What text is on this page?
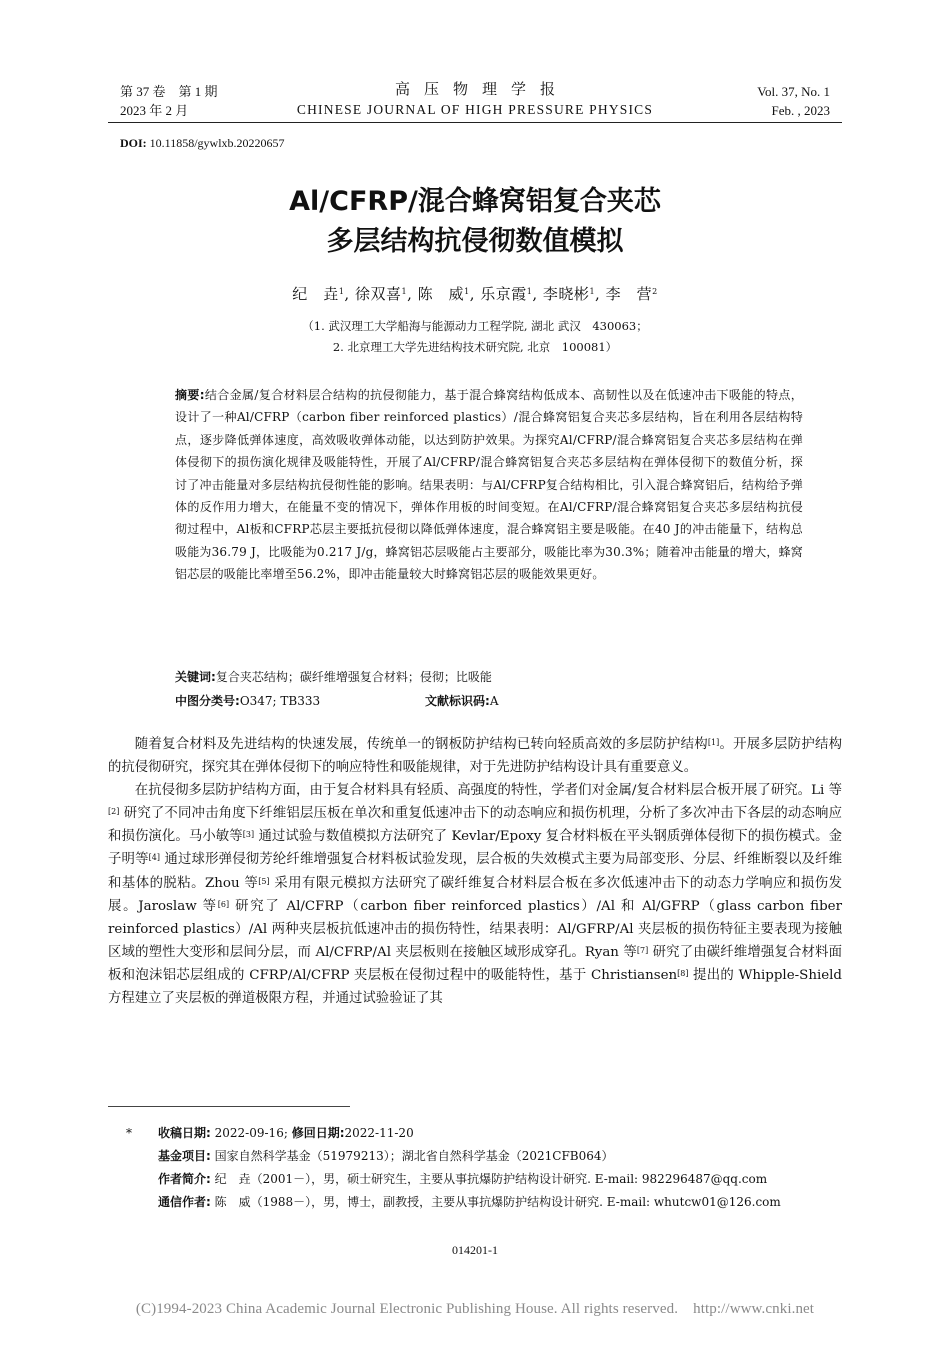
第 37 卷　第 1 期
2023 年 2 月
高压物理学报
CHINESE JOURNAL OF HIGH PRESSURE PHYSICS
Vol. 37, No. 1
Feb. , 2023
DOI: 10.11858/gywlxb.20220657
Al/CFRP/混合蜂窝铝复合夹芯
多层结构抗侵彻数值模拟
纪　垚$^1$, 徐双喜$^1$, 陈　威$^1$, 乐京霞$^1$, 李晓彬$^1$, 李　营$^2$
（1. 武汉理工大学船海与能源动力工程学院, 湖北 武汉　430063；
2. 北京理工大学先进结构技术研究院, 北京　100081）
摘要:结合金属/复合材料层合结构的抗侵彻能力，基于混合蜂窝结构低成本、高韧性以及在低速冲击下吸能的特点，设计了一种Al/CFRP（carbon fiber reinforced plastics）/混合蜂窝铝复合夹芯多层结构，旨在利用各层结构特点，逐步降低弹体速度，高效吸收弹体动能，以达到防护效果。为探究Al/CFRP/混合蜂窝铝复合夹芯多层结构在弹体侵彻下的损伤演化规律及吸能特性，开展了Al/CFRP/混合蜂窝铝复合夹芯多层结构在弹体侵彻下的数值分析，探讨了冲击能量对多层结构抗侵彻性能的影响。结果表明：与Al/CFRP复合结构相比，引入混合蜂窝铝后，结构给予弹体的反作用力增大，在能量不变的情况下，弹体作用板的时间变短。在Al/CFRP/混合蜂窝铝复合夹芯多层结构抗侵彻过程中，Al板和CFRP芯层主要抵抗侵彻以降低弹体速度，混合蜂窝铝主要是吸能。在40 J的冲击能量下，结构总吸能为36.79 J，比吸能为0.217 J/g，蜂窝铝芯层吸能占主要部分，吸能比率为30.3%；随着冲击能量的增大，蜂窝铝芯层的吸能比率增至56.2%，即冲击能量较大时蜂窝铝芯层的吸能效果更好。
关键词:复合夹芯结构；碳纤维增强复合材料；侵彻；比吸能
中图分类号:O347; TB333	文献标识码:A

随着复合材料及先进结构的快速发展，传统单一的钢板防护结构已转向轻质高效的多层防护结构[1]。开展多层防护结构的抗侵彻研究，探究其在弹体侵彻下的响应特性和吸能规律，对于先进防护结构设计具有重要意义。

在抗侵彻多层防护结构方面，由于复合材料具有轻质、高强度的特性，学者们对金属/复合材料层合板开展了研究。Li 等[2] 研究了不同冲击角度下纤维铝层压板在单次和重复低速冲击下的动态响应和损伤机理，分析了多次冲击下各层的动态响应和损伤演化。马小敏等[3] 通过试验与数值模拟方法研究了 Kevlar/Epoxy 复合材料板在平头钢质弹体侵彻下的损伤模式。金子明等[4] 通过球形弹侵彻芳纶纤维增强复合材料板试验发现，层合板的失效模式主要为局部变形、分层、纤维断裂以及纤维和基体的脱粘。Zhou 等[5] 采用有限元模拟方法研究了碳纤维复合材料层合板在多次低速冲击下的动态力学响应和损伤发展。Jaroslaw 等[6] 研究了 Al/CFRP（carbon fiber reinforced plastics）/Al 和 Al/GFRP（glass carbon fiber reinforced plastics）/Al 两种夹层板抗低速冲击的损伤特性，结果表明：Al/GFRP/Al 夹层板的损伤特征主要表现为接触区域的塑性大变形和层间分层，而 Al/CFRP/Al 夹层板则在接触区域形成穿孔。Ryan 等[7] 研究了由碳纤维增强复合材料面板和泡沫铝芯层组成的 CFRP/Al/CFRP 夹层板在侵彻过程中的吸能特性，基于 Christiansen[8] 提出的 Whipple-Shield 方程建立了夹层板的弹道极限方程，并通过试验验证了其

* 收稿日期: 2022-09-16; 修回日期:2022-11-20
基金项目: 国家自然科学基金（51979213）；湖北省自然科学基金（2021CFB064）
作者简介: 纪　垚（2001－），男，硕士研究生，主要从事抗爆防护结构设计研究. E-mail: 982296487@qq.com
通信作者: 陈　威（1988－），男，博士，副教授，主要从事抗爆防护结构设计研究. E-mail: whutcw01@126.com
014201-1
(C)1994-2023 China Academic Journal Electronic Publishing House. All rights reserved.　http://www.cnki.net
